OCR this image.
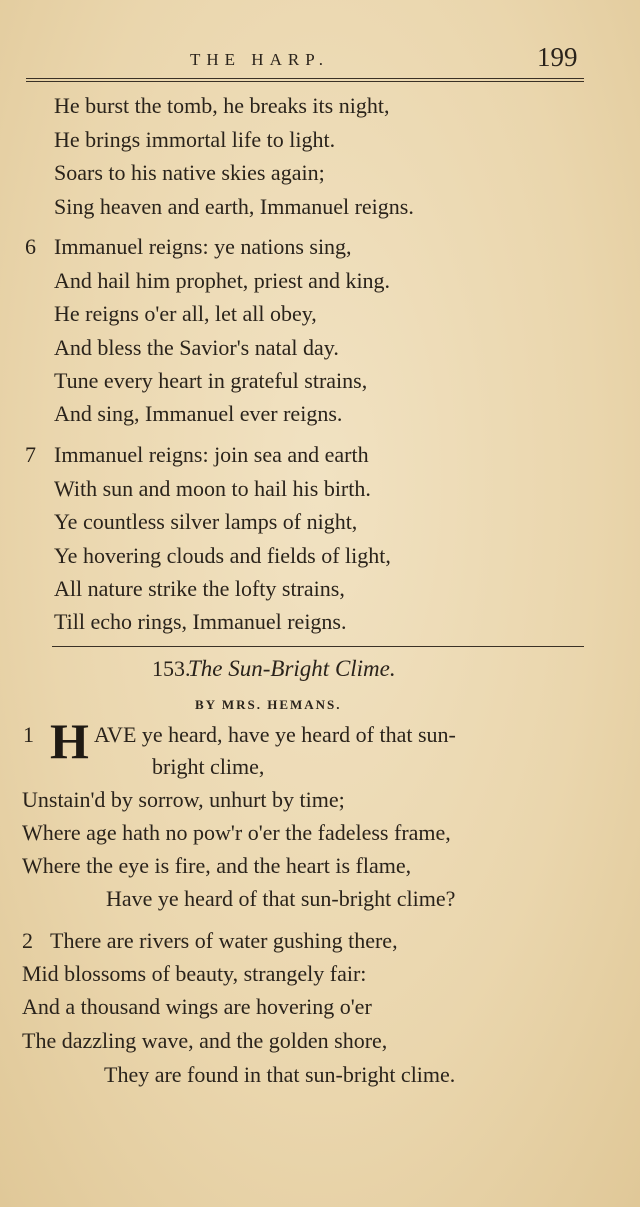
THE HARP.	199
He burst the tomb, he breaks its night,
He brings immortal life to light.
Soars to his native skies again;
Sing heaven and earth, Immanuel reigns.
6 Immanuel reigns: ye nations sing,
And hail him prophet, priest and king.
He reigns o'er all, let all obey,
And bless the Savior's natal day.
Tune every heart in grateful strains,
And sing, Immanuel ever reigns.
7 Immanuel reigns: join sea and earth
With sun and moon to hail his birth.
Ye countless silver lamps of night,
Ye hovering clouds and fields of light,
All nature strike the lofty strains,
Till echo rings, Immanuel reigns.
153.
The Sun-Bright Clime.
BY MRS. HEMANS.
1 H AVE ye heard, have ye heard of that sun-
bright clime,
Unstain'd by sorrow, unhurt by time;
Where age hath no pow'r o'er the fadeless frame,
Where the eye is fire, and the heart is flame,
Have ye heard of that sun-bright clime?
2 There are rivers of water gushing there,
Mid blossoms of beauty, strangely fair:
And a thousand wings are hovering o'er
The dazzling wave, and the golden shore,
They are found in that sun-bright clime.
